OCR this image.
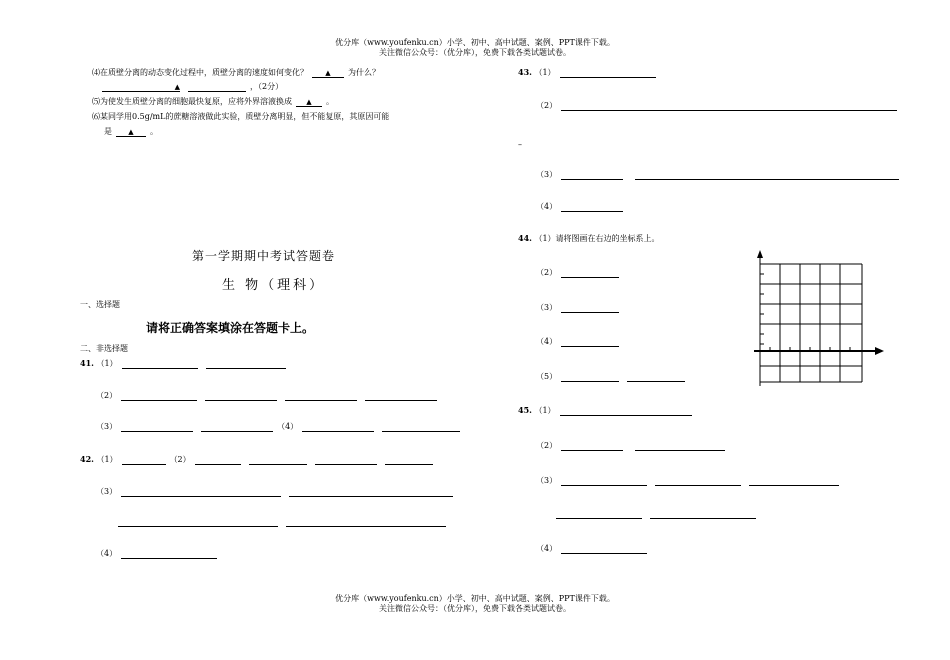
优分库（www.youfenku.cn）小学、初中、高中试题、案例、PPT课件下载。
关注微信公众号：（优分库），免费下载各类试题试卷。
⑷在质壁分离的动态变化过程中，质壁分离的速度如何变化？ ▲ 为什么？
▲	，（2分）
⑸为使发生质壁分离的细胞最快复原，应将外界溶液换成 ▲ 。
⑹某同学用0.5g/mL的蔗糖溶液做此实验，质壁分离明显，但不能复原，其原因可能
是 ▲ 。
第一学期期中考试答题卷
生 物（理科）
一、选择题
请将正确答案填涂在答题卡上。
二、非选择题
41. （1）
（2）
（3）	（4）
42. （1）	（2）
（3）
（4）
43. （1）
（2）
–
（3）
（4）
44. （1）请将图画在右边的坐标系上。
（2）
（3）
（4）
（5）
45. （1）
（2）
（3）
（4）
优分库（www.youfenku.cn）小学、初中、高中试题、案例、PPT课件下载。
关注微信公众号：（优分库），免费下载各类试题试卷。
